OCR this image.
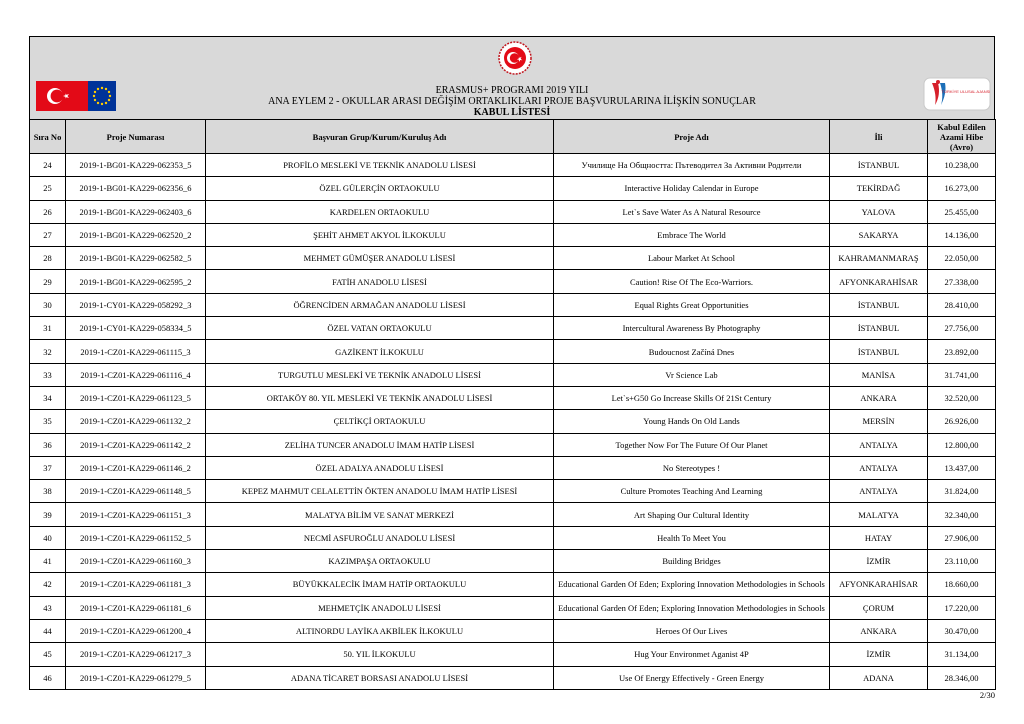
TÜRKİYE ULUSAL AJANSI
ERASMUS+ PROGRAMI 2019 YILI
ANA EYLEM 2 - OKULLAR ARASI DEĞİŞİM ORTAKLIKLARI PROJE BAŞVURULARINA İLİŞKİN SONUÇLAR
KABUL LİSTESİ
Sıra No	Proje Numarası	Başvuran Grup/Kurum/Kuruluş Adı	Proje Adı	İli	Kabul Edilen
Azami Hibe
(Avro)

24	2019-1-BG01-KA229-062353_5	PROFİLO MESLEKİ VE TEKNİK ANADOLU LİSESİ	Училище На Общността: Пътеводител За Активни Родители	İSTANBUL	10.238,00
25	2019-1-BG01-KA229-062356_6	ÖZEL GÜLERÇİN ORTAOKULU	Interactive Holiday Calendar in Europe	TEKİRDAĞ	16.273,00
26	2019-1-BG01-KA229-062403_6	KARDELEN ORTAOKULU	Let`s Save Water As A Natural Resource	YALOVA	25.455,00
27	2019-1-BG01-KA229-062520_2	ŞEHİT AHMET AKYOL İLKOKULU	Embrace The World	SAKARYA	14.136,00
28	2019-1-BG01-KA229-062582_5	MEHMET GÜMÜŞER ANADOLU LİSESİ	Labour Market At School	KAHRAMANMARAŞ	22.050,00
29	2019-1-BG01-KA229-062595_2	FATİH ANADOLU LİSESİ	Caution! Rise Of The Eco-Warriors.	AFYONKARAHİSAR	27.338,00
30	2019-1-CY01-KA229-058292_3	ÖĞRENCİDEN ARMAĞAN ANADOLU LİSESİ	Equal Rights Great Opportunities	İSTANBUL	28.410,00
31	2019-1-CY01-KA229-058334_5	ÖZEL VATAN ORTAOKULU	Intercultural Awareness By Photography	İSTANBUL	27.756,00
32	2019-1-CZ01-KA229-061115_3	GAZİKENT İLKOKULU	Budoucnost Začíná Dnes	İSTANBUL	23.892,00
33	2019-1-CZ01-KA229-061116_4	TURGUTLU MESLEKİ VE TEKNİK ANADOLU LİSESİ	Vr Science Lab	MANİSA	31.741,00
34	2019-1-CZ01-KA229-061123_5	ORTAKÖY 80. YIL MESLEKİ VE TEKNİK ANADOLU LİSESİ	Let`s+G50 Go Increase Skills Of 21St Century	ANKARA	32.520,00
35	2019-1-CZ01-KA229-061132_2	ÇELTİKÇİ ORTAOKULU	Young Hands On Old Lands	MERSİN	26.926,00
36	2019-1-CZ01-KA229-061142_2	ZELİHA TUNCER ANADOLU İMAM HATİP LİSESİ	Together Now For The Future Of Our Planet	ANTALYA	12.800,00
37	2019-1-CZ01-KA229-061146_2	ÖZEL ADALYA ANADOLU LİSESİ	No Stereotypes !	ANTALYA	13.437,00
38	2019-1-CZ01-KA229-061148_5	KEPEZ MAHMUT CELALETTİN ÖKTEN ANADOLU İMAM HATİP LİSESİ	Culture Promotes Teaching And Learning	ANTALYA	31.824,00
39	2019-1-CZ01-KA229-061151_3	MALATYA BİLİM VE SANAT MERKEZİ	Art Shaping Our Cultural Identity	MALATYA	32.340,00
40	2019-1-CZ01-KA229-061152_5	NECMİ ASFUROĞLU ANADOLU LİSESİ	Health To Meet You	HATAY	27.906,00
41	2019-1-CZ01-KA229-061160_3	KAZIMPAŞA ORTAOKULU	Building Bridges	İZMİR	23.110,00
42	2019-1-CZ01-KA229-061181_3	BÜYÜKKALECİK İMAM HATİP ORTAOKULU	Educational Garden Of Eden; Exploring Innovation Methodologies in Schools	AFYONKARAHİSAR	18.660,00
43	2019-1-CZ01-KA229-061181_6	MEHMETÇİK ANADOLU LİSESİ	Educational Garden Of Eden; Exploring Innovation Methodologies in Schools	ÇORUM	17.220,00
44	2019-1-CZ01-KA229-061200_4	ALTINORDU LAYİKA AKBİLEK İLKOKULU	Heroes Of Our Lives	ANKARA	30.470,00
45	2019-1-CZ01-KA229-061217_3	50. YIL İLKOKULU	Hug Your Environmet Aganist 4P	İZMİR	31.134,00
46	2019-1-CZ01-KA229-061279_5	ADANA TİCARET BORSASI ANADOLU LİSESİ	Use Of Energy Effectively - Green Energy	ADANA	28.346,00
2/30
